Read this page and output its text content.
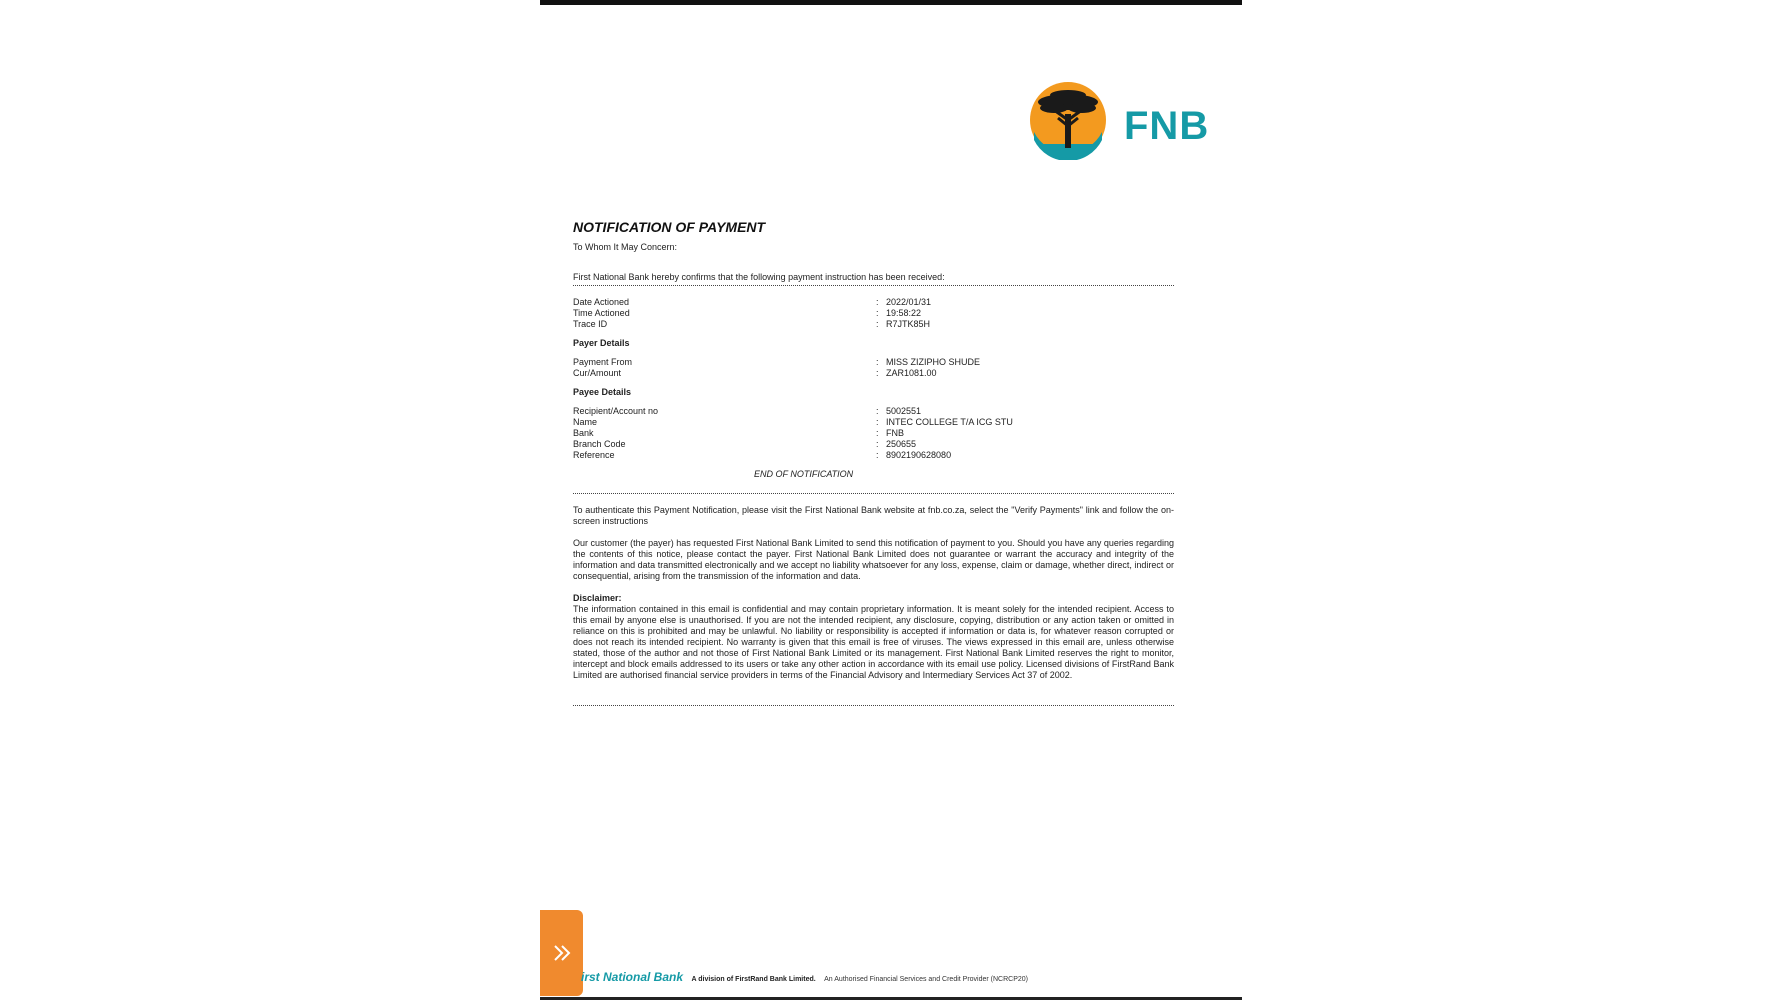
FNB
NOTIFICATION OF PAYMENT

To Whom It May Concern:

First National Bank hereby confirms that the following payment instruction has been received:

Date Actioned	: 2022/01/31
Time Actioned	: 19:58:22
Trace ID	: R7JTK85H
Payer Details
Payment From	: MISS ZIZIPHO SHUDE
Cur/Amount	: ZAR1081.00
Payee Details
Recipient/Account no	: 5002551
Name	: INTEC COLLEGE T/A ICG STU
Bank	: FNB
Branch Code	: 250655
Reference	: 8902190628080
END OF NOTIFICATION

To authenticate this Payment Notification, please visit the First National Bank website at fnb.co.za, select the "Verify Payments" link and follow the on-screen instructions

Our customer (the payer) has requested First National Bank Limited to send this notification of payment to you. Should you have any queries regarding the contents of this notice, please contact the payer. First National Bank Limited does not guarantee or warrant the accuracy and integrity of the information and data transmitted electronically and we accept no liability whatsoever for any loss, expense, claim or damage, whether direct, indirect or consequential, arising from the transmission of the information and data.

Disclaimer:

The information contained in this email is confidential and may contain proprietary information. It is meant solely for the intended recipient. Access to this email by anyone else is unauthorised. If you are not the intended recipient, any disclosure, copying, distribution or any action taken or omitted in reliance on this is prohibited and may be unlawful. No liability or responsibility is accepted if information or data is, for whatever reason corrupted or does not reach its intended recipient. No warranty is given that this email is free of viruses. The views expressed in this email are, unless otherwise stated, those of the author and not those of First National Bank Limited or its management. First National Bank Limited reserves the right to monitor, intercept and block emails addressed to its users or take any other action in accordance with its email use policy. Licensed divisions of FirstRand Bank Limited are authorised financial service providers in terms of the Financial Advisory and Intermediary Services Act 37 of 2002.

irst National Bank A division of FirstRand Bank Limited. An Authorised Financial Services and Credit Provider (NCRCP20)
